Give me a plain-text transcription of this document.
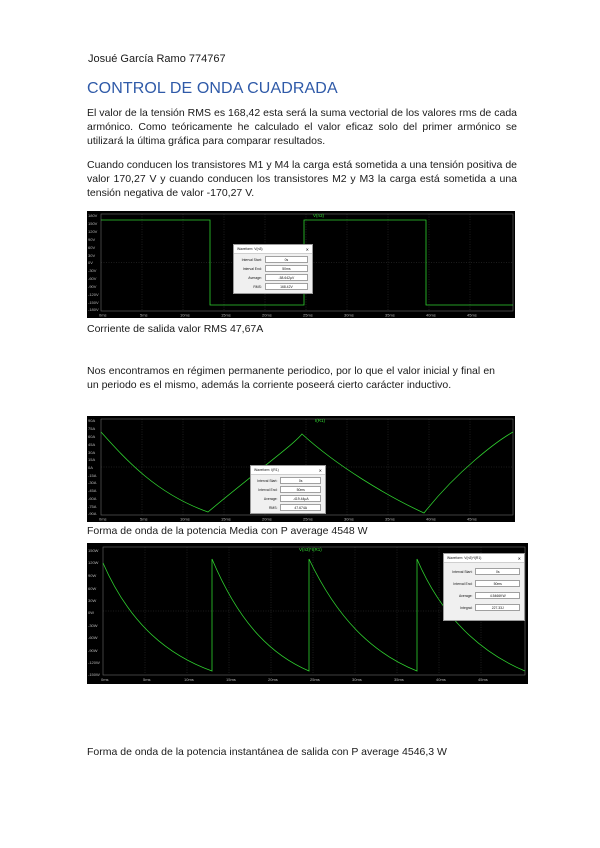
Josué García Ramo 774767
CONTROL DE ONDA CUADRADA
El valor de la tensión RMS es 168,42 esta será la suma vectorial de los valores rms de cada armónico. Como teóricamente he calculado el valor eficaz solo del primer armónico se utilizará la última gráfica para comparar resultados.
Cuando conducen los transistores M1 y M4 la carga está sometida a una tensión positiva de valor 170,27 V y cuando conducen los transistores M2 y M3 la carga está sometida a una tensión negativa de valor -170,27 V.
V(n3)
180V
150V
120V
90V
60V
30V
0V
-30V
-60V
-90V
-120V
-150V
-180V
0ms	5ms	10ms	15ms	20ms	25ms	30ms	35ms	40ms	45ms
Waveform: V(n3)	✕
Interval Start:	0s
Interval End:	50ms
Average:	-58.642μV
RMS:	168.42V
Corriente de salida valor RMS 47,67A
Nos encontramos en régimen permanente periodico, por lo que el valor inicial y final en un periodo es el mismo, además la corriente poseerá cierto carácter inductivo.
I(R1)
90A
75A
60A
45A
30A
15A
0A
-15A
-30A
-45A
-60A
-75A
-90A
0ms	5ms	10ms	15ms	20ms	25ms	30ms	35ms	40ms	45ms
Waveform: I(R1)	✕
Interval Start:	0s
Interval End:	50ms
Average:	-419.44μA
RMS:	47.674A
Forma de onda de la potencia Media con P average 4548 W
V(n3)*I(R1)
150W
120W
90W
60W
30W
0W
-30W
-60W
-90W
-120W
-150W
0ms	5ms	10ms	15ms	20ms	25ms	30ms	35ms	40ms	45ms
Waveform: V(n3)*I(R1)	✕
Interval Start:	0s
Interval End:	50ms
Average:	4.5466KW
Integral:	227.33J
Forma de onda de la potencia instantánea de salida con P average 4546,3 W
